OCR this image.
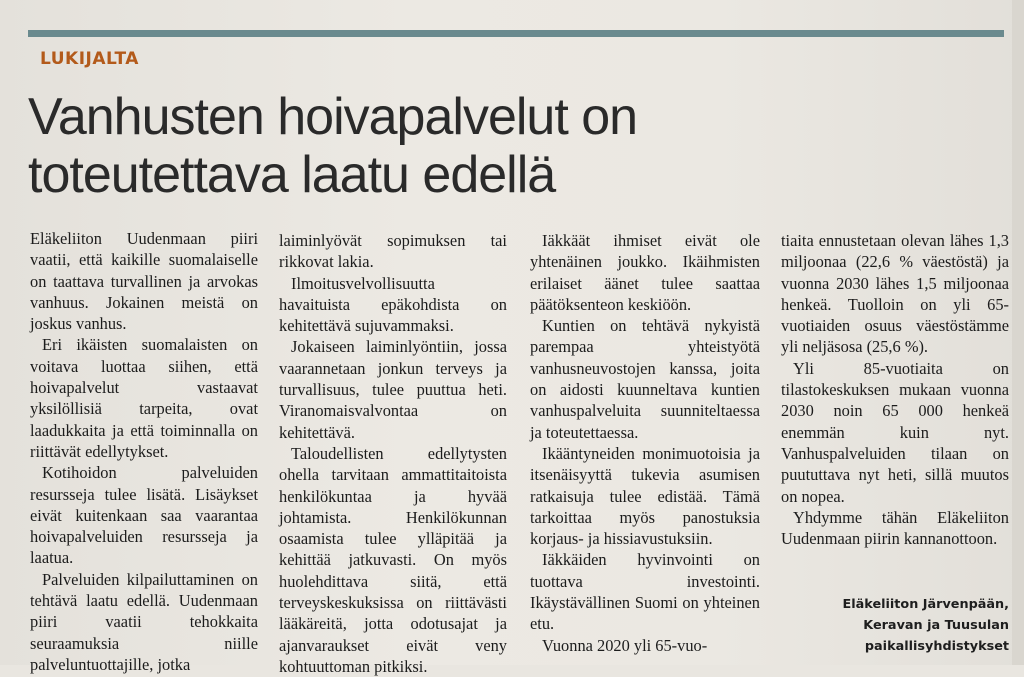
LUKIJALTA
Vanhusten hoivapalvelut on
toteutettava laatu edellä

Eläkeliiton Uudenmaan piiri vaatii, että kaikille suomalaiselle on taattava turvallinen ja arvokas vanhuus. Jokainen meistä on joskus vanhus.

Eri ikäisten suomalaisten on voitava luottaa siihen, että hoivapalvelut vastaavat yksilöllisiä tarpeita, ovat laadukkaita ja että toiminnalla on riittävät edellytykset.

Kotihoidon palveluiden resursseja tulee lisätä. Lisäykset eivät kuitenkaan saa vaarantaa hoivapalveluiden resursseja ja laatua.

Palveluiden kilpailuttaminen on tehtävä laatu edellä. Uudenmaan piiri vaatii tehokkaita seuraamuksia niille palveluntuottajille, jotka

laiminlyövät sopimuksen tai rikkovat lakia.

Ilmoitusvelvollisuutta havaituista epäkohdista on kehitettävä sujuvammaksi.

Jokaiseen laiminlyöntiin, jossa vaarannetaan jonkun terveys ja turvallisuus, tulee puuttua heti. Viranomaisvalvontaa on kehitettävä.

Taloudellisten edellytysten ohella tarvitaan ammattitaitoista henkilökuntaa ja hyvää johtamista. Henkilökunnan osaamista tulee ylläpitää ja kehittää jatkuvasti. On myös huolehdittava siitä, että terveyskeskuksissa on riittävästi lääkäreitä, jotta odotusajat ja ajanvaraukset eivät veny kohtuuttoman pitkiksi.

Iäkkäät ihmiset eivät ole yhtenäinen joukko. Ikäihmisten erilaiset äänet tulee saattaa päätöksenteon keskiöön.

Kuntien on tehtävä nykyistä parempaa yhteistyötä vanhusneuvostojen kanssa, joita on aidosti kuunneltava kuntien vanhuspalveluita suunniteltaessa ja toteutettaessa.

Ikääntyneiden monimuotoisia ja itsenäisyyttä tukevia asumisen ratkaisuja tulee edistää. Tämä tarkoittaa myös panostuksia korjaus- ja hissiavustuksiin.

Iäkkäiden hyvinvointi on tuottava investointi. Ikäystävällinen Suomi on yhteinen etu.

Vuonna 2020 yli 65-vuo-

tiaita ennustetaan olevan lähes 1,3 miljoonaa (22,6 % väestöstä) ja vuonna 2030 lähes 1,5 miljoonaa henkeä. Tuolloin on yli 65-vuotiaiden osuus väestöstämme yli neljäsosa (25,6 %).

Yli 85-vuotiaita on tilastokeskuksen mukaan vuonna 2030 noin 65 000 henkeä enemmän kuin nyt. Vanhuspalveluiden tilaan on puututtava nyt heti, sillä muutos on nopea.

Yhdymme tähän Eläkeliiton Uudenmaan piirin kannanottoon.

Eläkeliiton Järvenpään,
Keravan ja Tuusulan
paikallisyhdistykset
